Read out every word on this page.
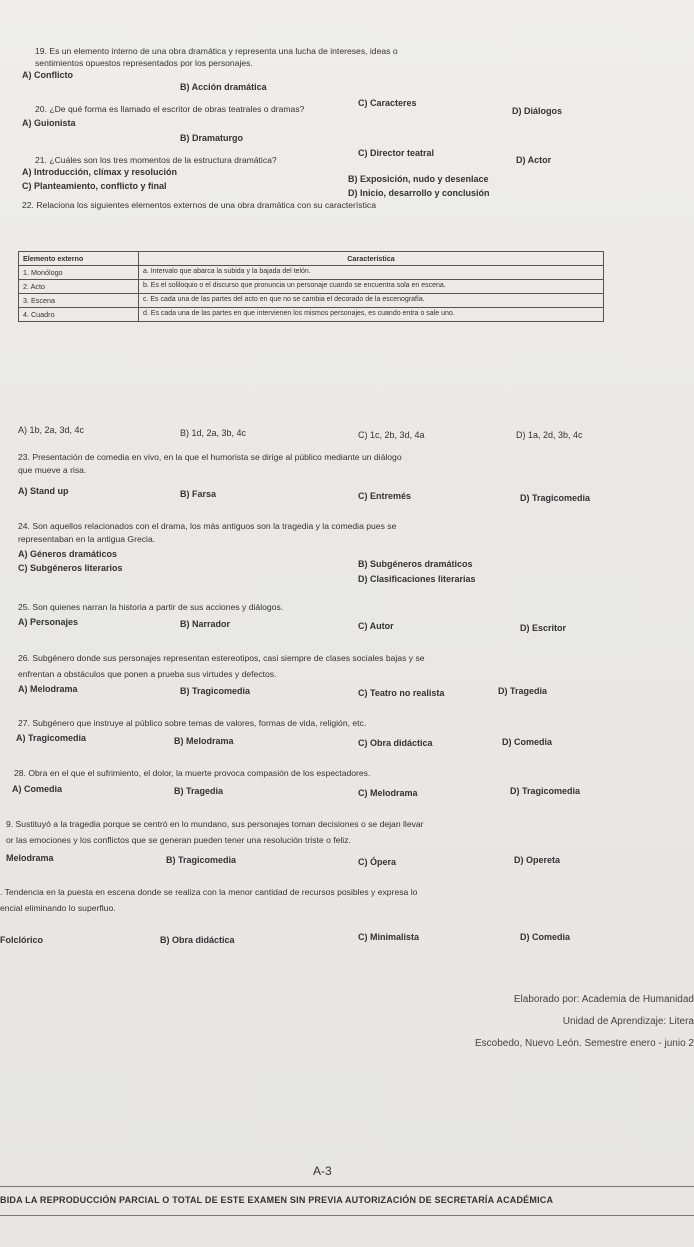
19. Es un elemento interno de una obra dramática y representa una lucha de intereses, ideas o
sentimientos opuestos representados por los personajes.
A) Conflicto
B) Acción dramática
C) Caracteres
D) Diálogos
20. ¿De qué forma es llamado el escritor de obras teatrales o dramas?
A) Guionista
B) Dramaturgo
C) Director teatral
D) Actor
21. ¿Cuáles son los tres momentos de la estructura dramática?
A) Introducción, clímax y resolución
B) Exposición, nudo y desenlace
C) Planteamiento, conflicto y final
D) Inicio, desarrollo y conclusión
22. Relaciona los siguientes elementos externos de una obra dramática con su característica
Elemento externo	Característica
1. Monólogo	a. Intervalo que abarca la subida y la bajada del telón.
2. Acto	b. Es el soliloquio o el discurso que pronuncia un personaje cuando se encuentra sola en escena.
3. Escena	c. Es cada una de las partes del acto en que no se cambia el decorado de la escenografía.
4. Cuadro	d. Es cada una de las partes en que intervienen los mismos personajes, es cuando entra o sale uno.
A) 1b, 2a, 3d, 4c	B) 1d, 2a, 3b, 4c	C) 1c, 2b, 3d, 4a	D) 1a, 2d, 3b, 4c
23. Presentación de comedia en vivo, en la que el humorista se dirige al público mediante un diálogo
que mueve a risa.
A) Stand up	B) Farsa	C) Entremés	D) Tragicomedia
24. Son aquellos relacionados con el drama, los más antiguos son la tragedia y la comedia pues se
representaban en la antigua Grecia.
A) Géneros dramáticos
B) Subgéneros dramáticos
C) Subgéneros literarios
D) Clasificaciones literarias
25. Son quienes narran la historia a partir de sus acciones y diálogos.
A) Personajes	B) Narrador	C) Autor	D) Escritor
26. Subgénero donde sus personajes representan estereotipos, casi siempre de clases sociales bajas y se
enfrentan a obstáculos que ponen a prueba sus virtudes y defectos.
A) Melodrama	B) Tragicomedia	C) Teatro no realista	D) Tragedia
27. Subgénero que instruye al público sobre temas de valores, formas de vida, religión, etc.
A) Tragicomedia	B) Melodrama	C) Obra didáctica	D) Comedia
28. Obra en el que el sufrimiento, el dolor, la muerte provoca compasión de los espectadores.
A) Comedia	B) Tragedia	C) Melodrama	D) Tragicomedia
9. Sustituyó a la tragedia porque se centró en lo mundano, sus personajes toman decisiones o se dejan llevar
or las emociones y los conflictos que se generan pueden tener una resolución triste o feliz.
Melodrama	B) Tragicomedia	C) Ópera	D) Opereta
. Tendencia en la puesta en escena donde se realiza con la menor cantidad de recursos posibles y expresa lo
encial eliminando lo superfluo.
Folclórico	B) Obra didáctica	C) Minimalista	D) Comedia
Elaborado por: Academia de Humanidad
Unidad de Aprendizaje: Litera
Escobedo, Nuevo León. Semestre enero - junio 2
A-3
BIDA LA REPRODUCCIÓN PARCIAL O TOTAL DE ESTE EXAMEN SIN PREVIA AUTORIZACIÓN DE SECRETARÍA ACADÉMICA
